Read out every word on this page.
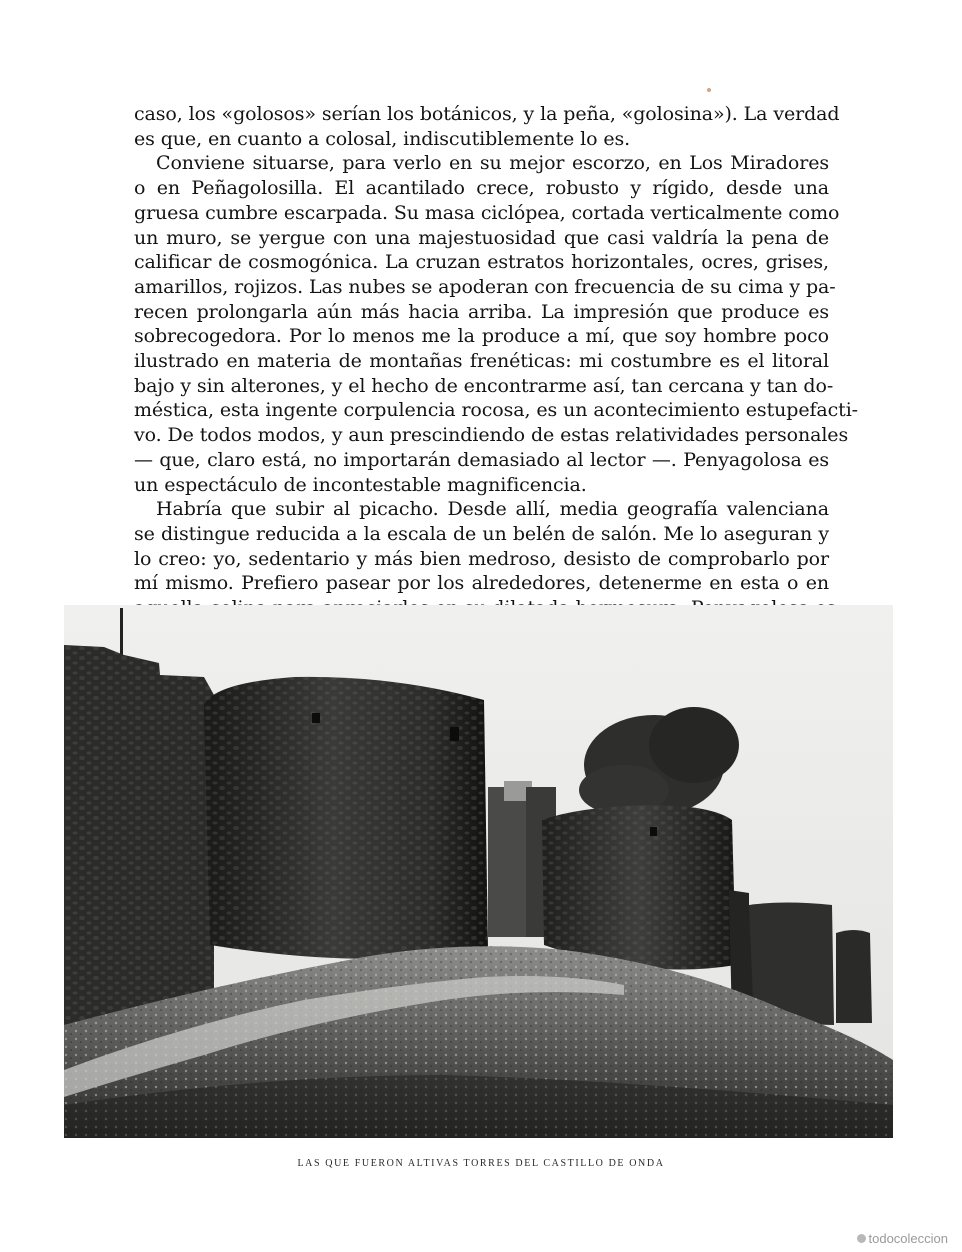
caso, los «golosos» serían los botánicos, y la peña, «golosina»). La verdad
es que, en cuanto a colosal, indiscutiblemente lo es.
Conviene situarse, para verlo en su mejor escorzo, en Los Miradores
o en Peñagolosilla. El acantilado crece, robusto y rígido, desde una
gruesa cumbre escarpada. Su masa ciclópea, cortada verticalmente como
un muro, se yergue con una majestuosidad que casi valdría la pena de
calificar de cosmogónica. La cruzan estratos horizontales, ocres, grises,
amarillos, rojizos. Las nubes se apoderan con frecuencia de su cima y pa-
recen prolongarla aún más hacia arriba. La impresión que produce es
sobrecogedora. Por lo menos me la produce a mí, que soy hombre poco
ilustrado en materia de montañas frenéticas: mi costumbre es el litoral
bajo y sin alterones, y el hecho de encontrarme así, tan cercana y tan do-
méstica, esta ingente corpulencia rocosa, es un acontecimiento estupefacti-
vo. De todos modos, y aun prescindiendo de estas relatividades personales
— que, claro está, no importarán demasiado al lector —. Penyagolosa es
un espectáculo de incontestable magnificencia.
Habría que subir al picacho. Desde allí, media geografía valenciana
se distingue reducida a la escala de un belén de salón. Me lo aseguran y
lo creo: yo, sedentario y más bien medroso, desisto de comprobarlo por
mí mismo. Prefiero pasear por los alrededores, detenerme en esta o en
LAS QUE FUERON ALTIVAS TORRES DEL CASTILLO DE ONDA
todocoleccion
